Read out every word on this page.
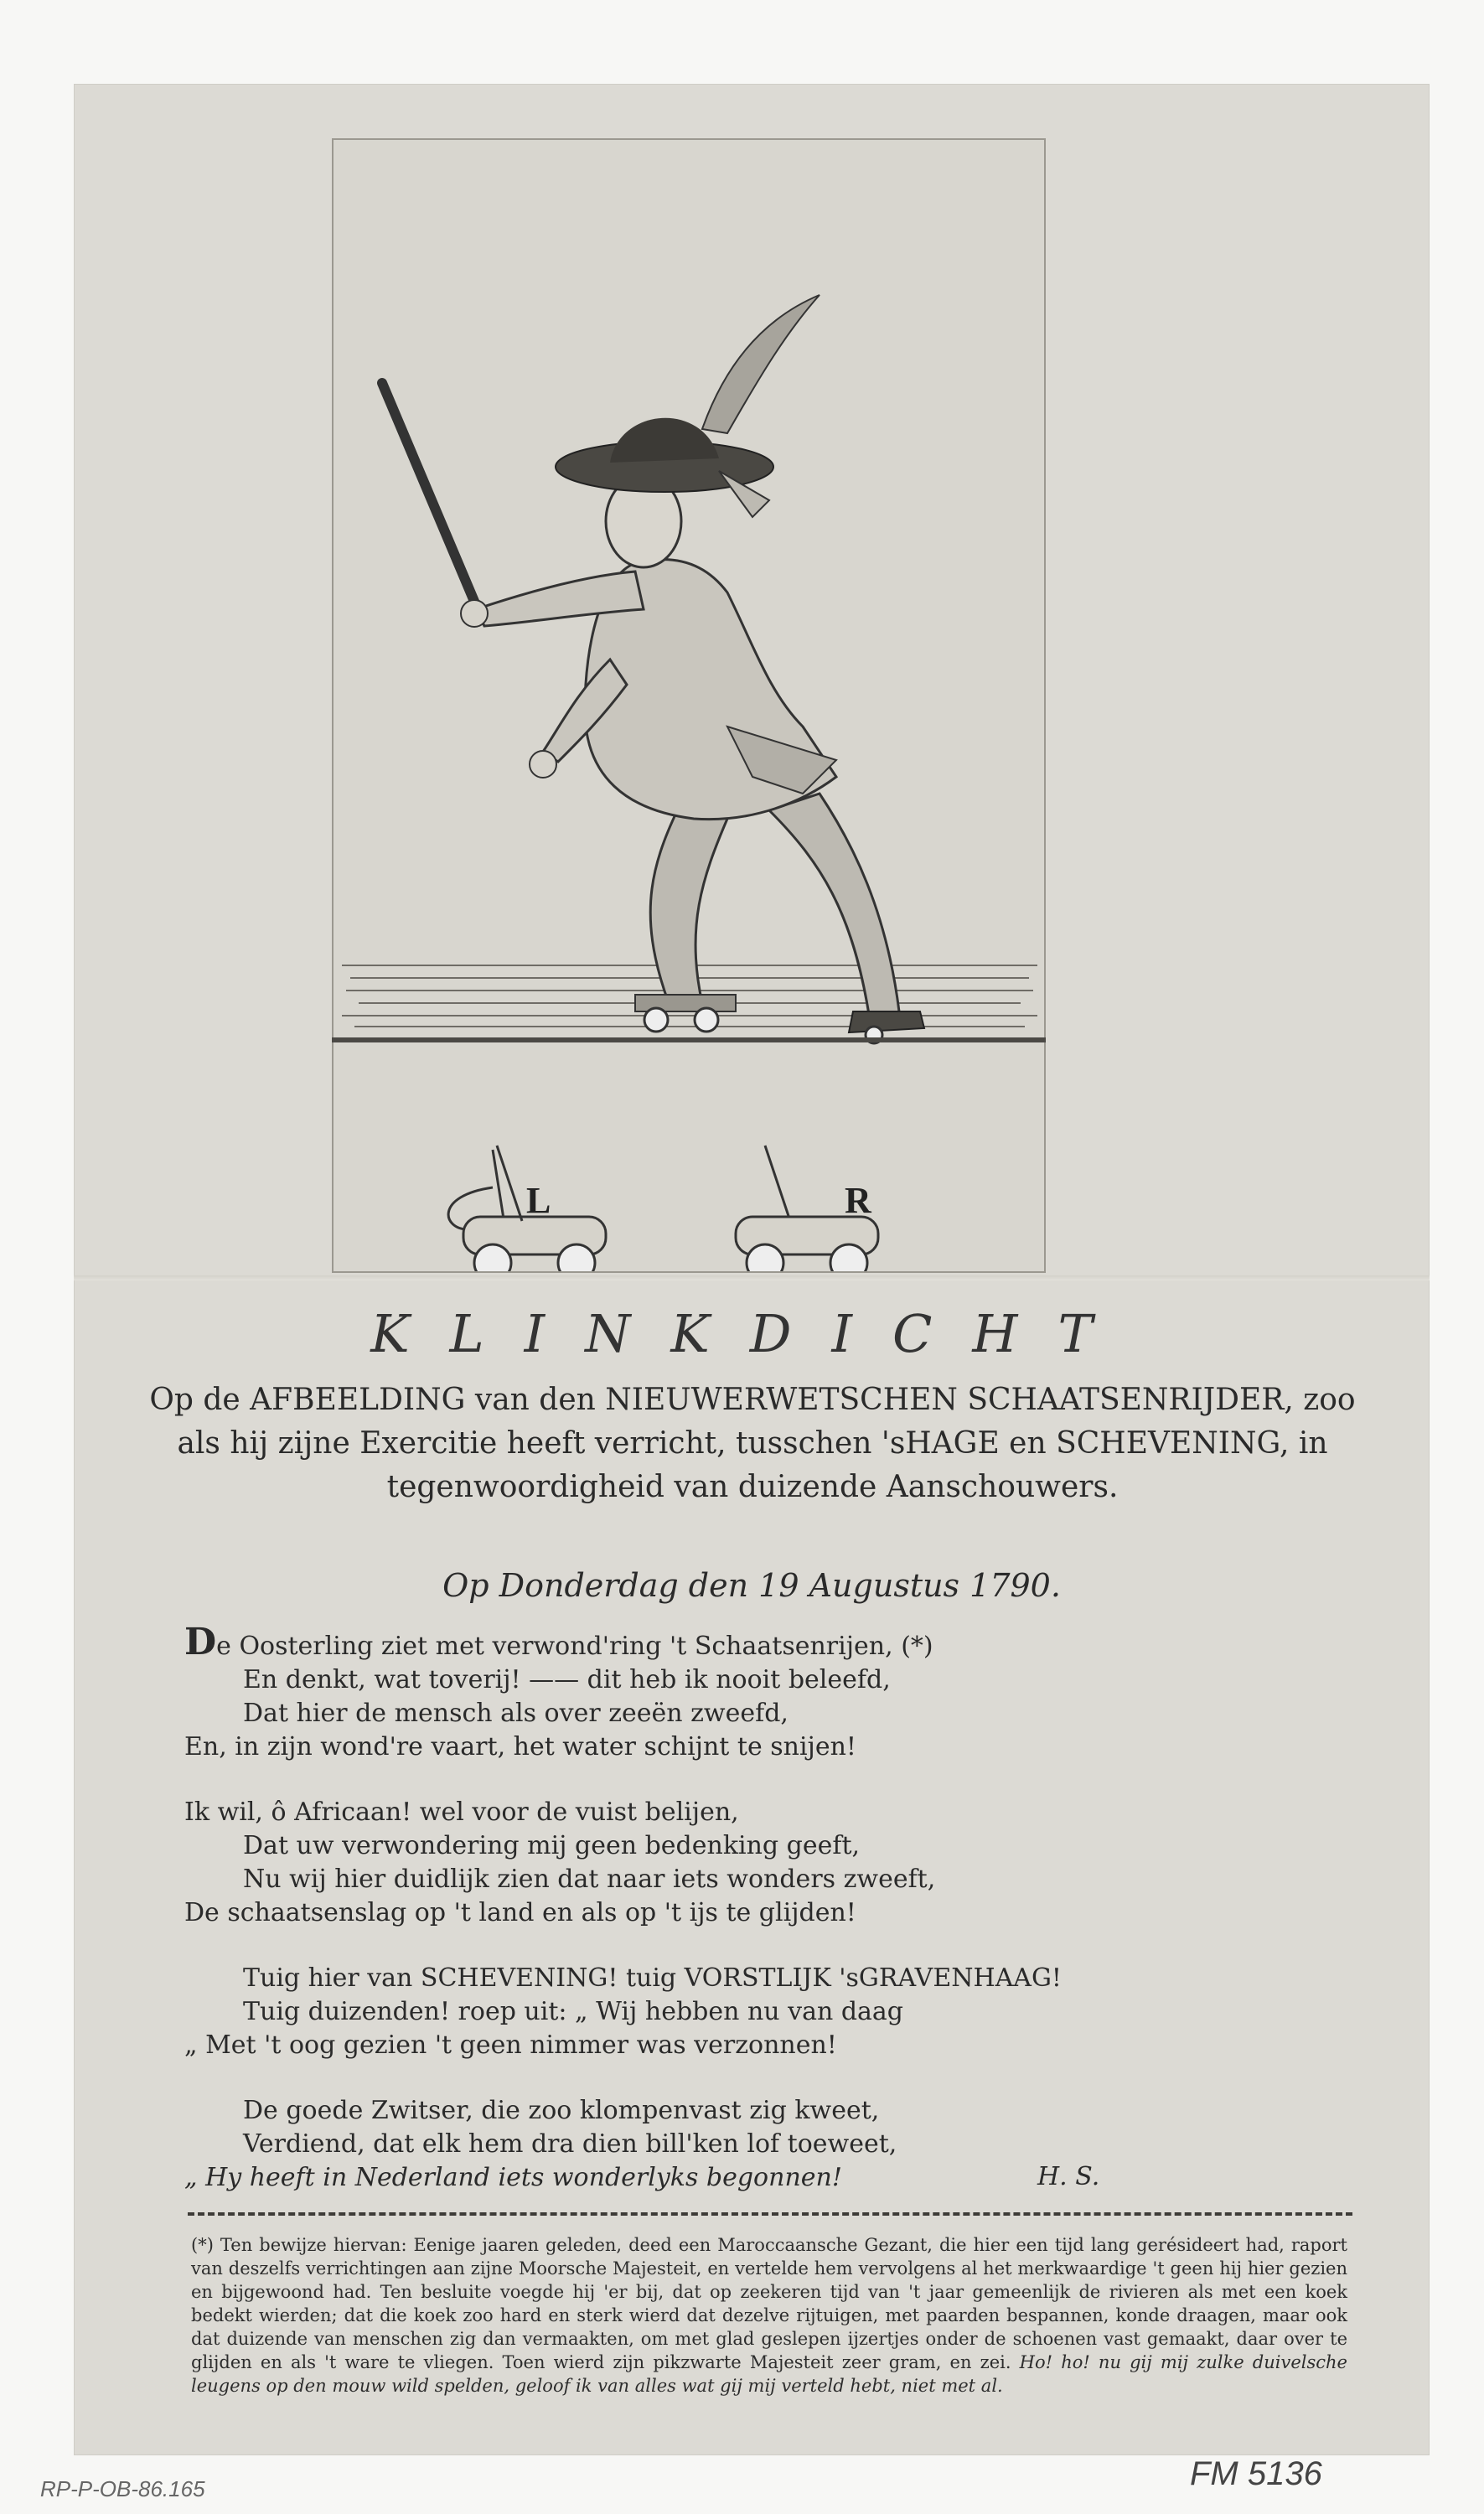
L	R
KLINKDICHT
Op de AFBEELDING van den NIEUWERWETSCHEN SCHAATSENRIJDER, zoo als hij zijne Exercitie heeft verricht, tusschen 'sHAGE en SCHEVENING, in tegenwoordigheid van duizende Aanschouwers.
Op Donderdag den 19 Augustus 1790.
De Oosterling ziet met verwond'ring 't Schaatsenrijen, (*)
En denkt, wat toverij! —— dit heb ik nooit beleefd,
Dat hier de mensch als over zeeën zweefd,
En, in zijn wond're vaart, het water schijnt te snijen!
Ik wil, ô Africaan! wel voor de vuist belijen,
Dat uw verwondering mij geen bedenking geeft,
Nu wij hier duidlijk zien dat naar iets wonders zweeft,
De schaatsenslag op 't land en als op 't ijs te glijden!
Tuig hier van SCHEVENING! tuig VORSTLIJK 'sGRAVENHAAG!
Tuig duizenden! roep uit: „ Wij hebben nu van daag
„ Met 't oog gezien 't geen nimmer was verzonnen!
De goede Zwitser, die zoo klompenvast zig kweet,
Verdiend, dat elk hem dra dien bill'ken lof toeweet,
„ Hy heeft in Nederland iets wonderlyks begonnen!	H. S.
(*) Ten bewijze hiervan: Eenige jaaren geleden, deed een Maroccaansche Gezant, die hier een tijd lang gerésideert had, raport van deszelfs verrichtingen aan zijne Moorsche Majesteit, en vertelde hem vervolgens al het merkwaardige 't geen hij hier gezien en bijgewoond had. Ten besluite voegde hij 'er bij, dat op zeekeren tijd van 't jaar gemeenlijk de rivieren als met een koek bedekt wierden; dat die koek zoo hard en sterk wierd dat dezelve rijtuigen, met paarden bespannen, konde draagen, maar ook dat duizende van menschen zig dan vermaakten, om met glad geslepen ijzertjes onder de schoenen vast gemaakt, daar over te glijden en als 't ware te vliegen. Toen wierd zijn pikzwarte Majesteit zeer gram, en zei. Ho! ho! nu gij mij zulke duivelsche leugens op den mouw wild spelden, geloof ik van alles wat gij mij verteld hebt, niet met al.
RP-P-OB-86.165	FM 5136
